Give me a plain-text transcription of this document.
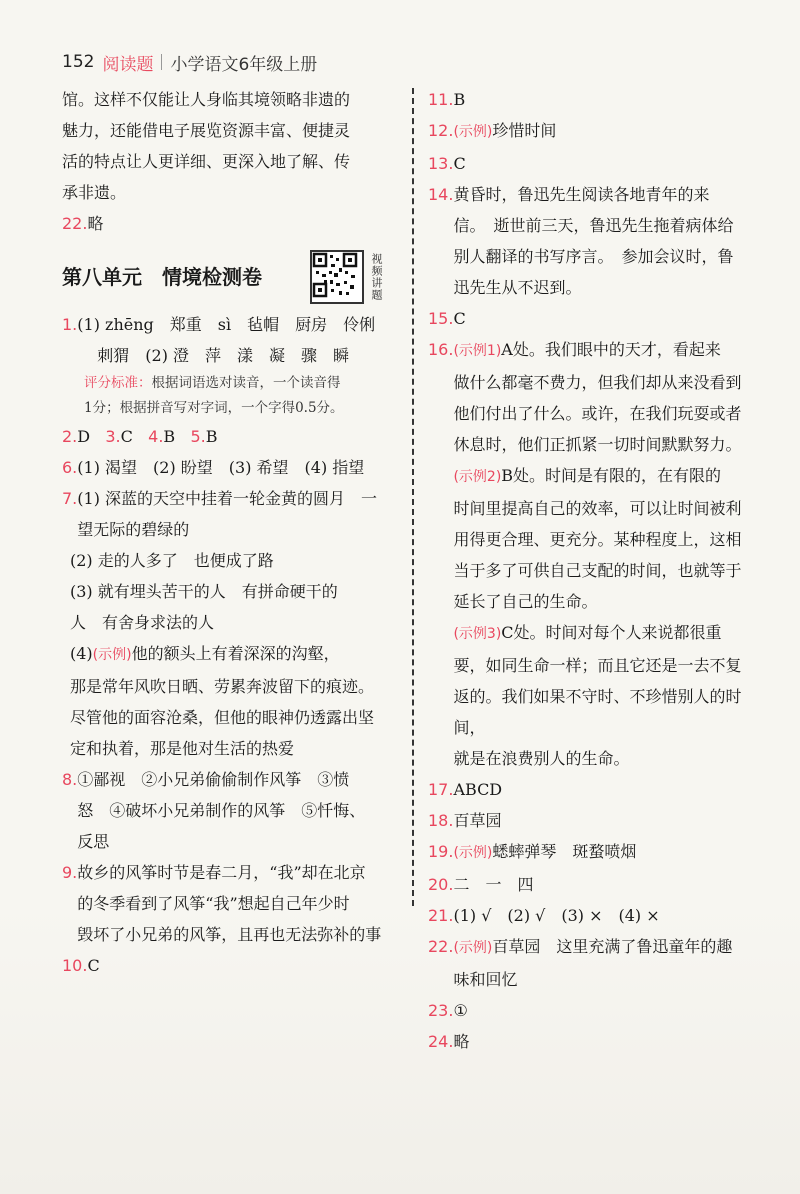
152 阅读题 小学语文6年级上册

馆。这样不仅能让人身临其境领略非遗的

魅力，还能借电子展览资源丰富、便捷灵

活的特点让人更详细、更深入地了解、传

承非遗。

22. 略
第八单元　情境检测卷	视频讲题
1. (1) zhēng　郑重　sì　毡帽　厨房　伶俐
刺猬　(2) 澄　萍　漾　凝　骤　瞬
评分标准：根据词语选对读音，一个读音得
1分；根据拼音写对字词，一个字得0.5分。
2. D 3.C 4.B 5.B
6. (1) 渴望　(2) 盼望　(3) 希望　(4) 指望
7. (1) 深蓝的天空中挂着一轮金黄的圆月　一
望无际的碧绿的
(2) 走的人多了　也便成了路
(3) 就有埋头苦干的人　有拼命硬干的
人　有舍身求法的人
(4)(示例)他的额头上有着深深的沟壑，
那是常年风吹日晒、劳累奔波留下的痕迹。
尽管他的面容沧桑，但他的眼神仍透露出坚
定和执着，那是他对生活的热爱
8. ①鄙视　②小兄弟偷偷制作风筝　③愤
怒　④破坏小兄弟制作的风筝　⑤忏悔、
反思
9. 故乡的风筝时节是春二月，“我”却在北京
的冬季看到了风筝“我”想起自己年少时
毁坏了小兄弟的风筝，且再也无法弥补的事
10. C
11. B
12. (示例)珍惜时间
13. C
14. 黄昏时，鲁迅先生阅读各地青年的来
信。　逝世前三天，鲁迅先生拖着病体给
别人翻译的书写序言。　参加会议时，鲁
迅先生从不迟到。
15. C
16. (示例1)A处。我们眼中的天才，看起来
做什么都毫不费力，但我们却从来没看到
他们付出了什么。或许，在我们玩耍或者
休息时，他们正抓紧一切时间默默努力。
(示例2)B处。时间是有限的，在有限的
时间里提高自己的效率，可以让时间被利
用得更合理、更充分。某种程度上，这相
当于多了可供自己支配的时间，也就等于
延长了自己的生命。
(示例3)C处。时间对每个人来说都很重
要，如同生命一样；而且它还是一去不复
返的。我们如果不守时、不珍惜别人的时间，
就是在浪费别人的生命。
17. ABCD
18. 百草园
19. (示例)蟋蟀弹琴　斑蝥喷烟
20. 二　一　四
21. (1) √　(2) √　(3) ×　(4) ×
22. (示例)百草园　这里充满了鲁迅童年的趣
味和回忆
23. ①
24. 略
